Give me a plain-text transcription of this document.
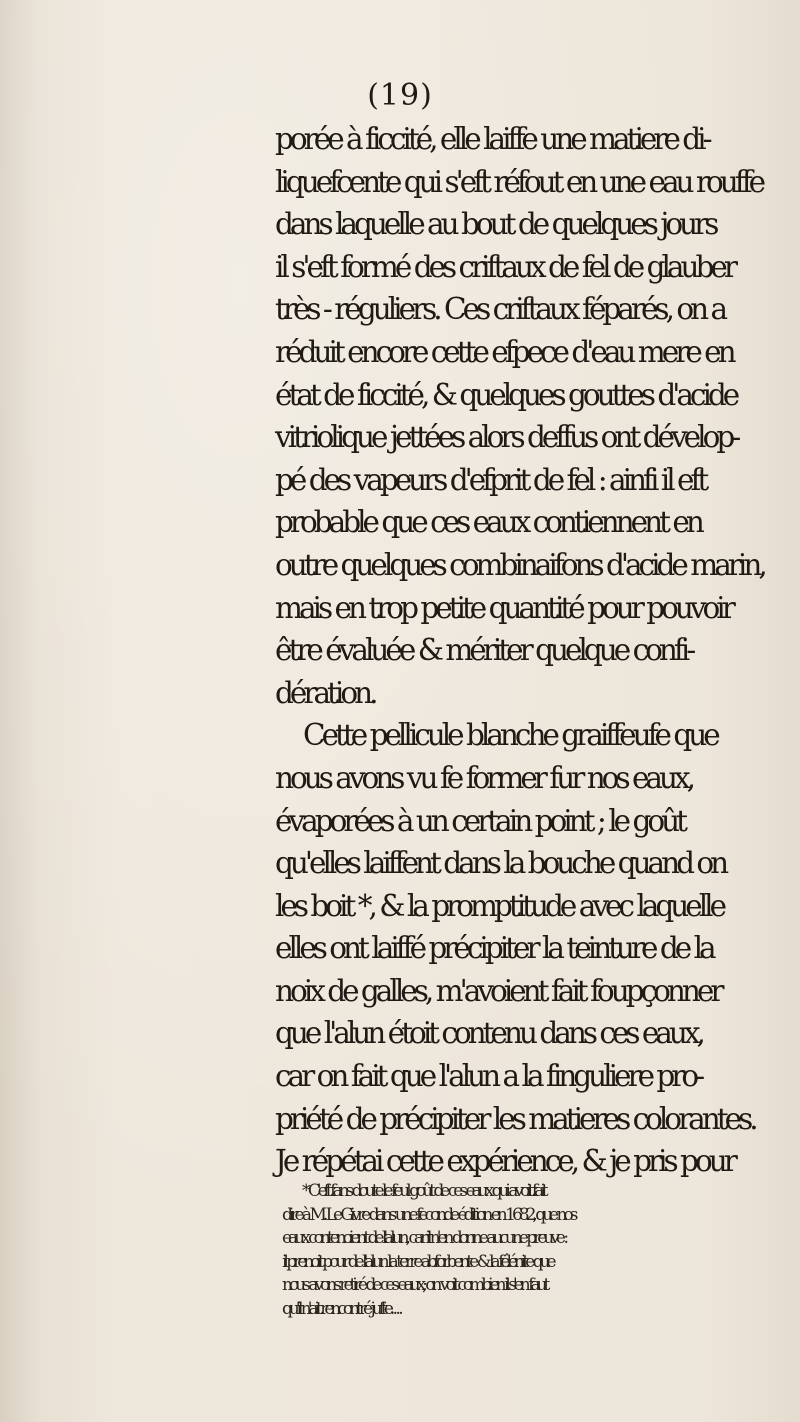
(19)
porée à ficcité, elle laiffe une matiere di-
liquefcente qui s'eft réfout en une eau rouffe
dans laquelle au bout de quelques jours
il s'eft formé des criftaux de fel de glauber
très - réguliers. Ces criftaux féparés, on a
réduit encore cette efpece d'eau mere en
état de ficcité, & quelques gouttes d'acide
vitriolique jettées alors deffus ont dévelop-
pé des vapeurs d'efprit de fel : ainfi il eft
probable que ces eaux contiennent en
outre quelques combinaifons d'acide marin,
mais en trop petite quantité pour pouvoir
être évaluée & mériter quelque confi-
dération.
Cette pellicule blanche graiffeufe que
nous avons vu fe former fur nos eaux,
évaporées à un certain point ; le goût
qu'elles laiffent dans la bouche quand on
les boit *, & la promptitude avec laquelle
elles ont laiffé précipiter la teinture de la
noix de galles, m'avoient fait foupçonner
que l'alun étoit contenu dans ces eaux,
car on fait que l'alun a la finguliere pro-
priété de précipiter les matieres colorantes.
Je répétai cette expérience, & je pris pour
* C'eft fans doute le feul goût de ces eaux qui avoit fait
dire à M. Le Givre dans une feconde édition en 1682, que nos
eaux contenoient de l'alun, car il n'en donne aucune preuve :
il prenoit pour de l'alun la terre abforbente & la félénite que
nous avons retiré de ces eaux; on voit combien il s'en faut
qu'il n'ait rencontré jufte. . . .
